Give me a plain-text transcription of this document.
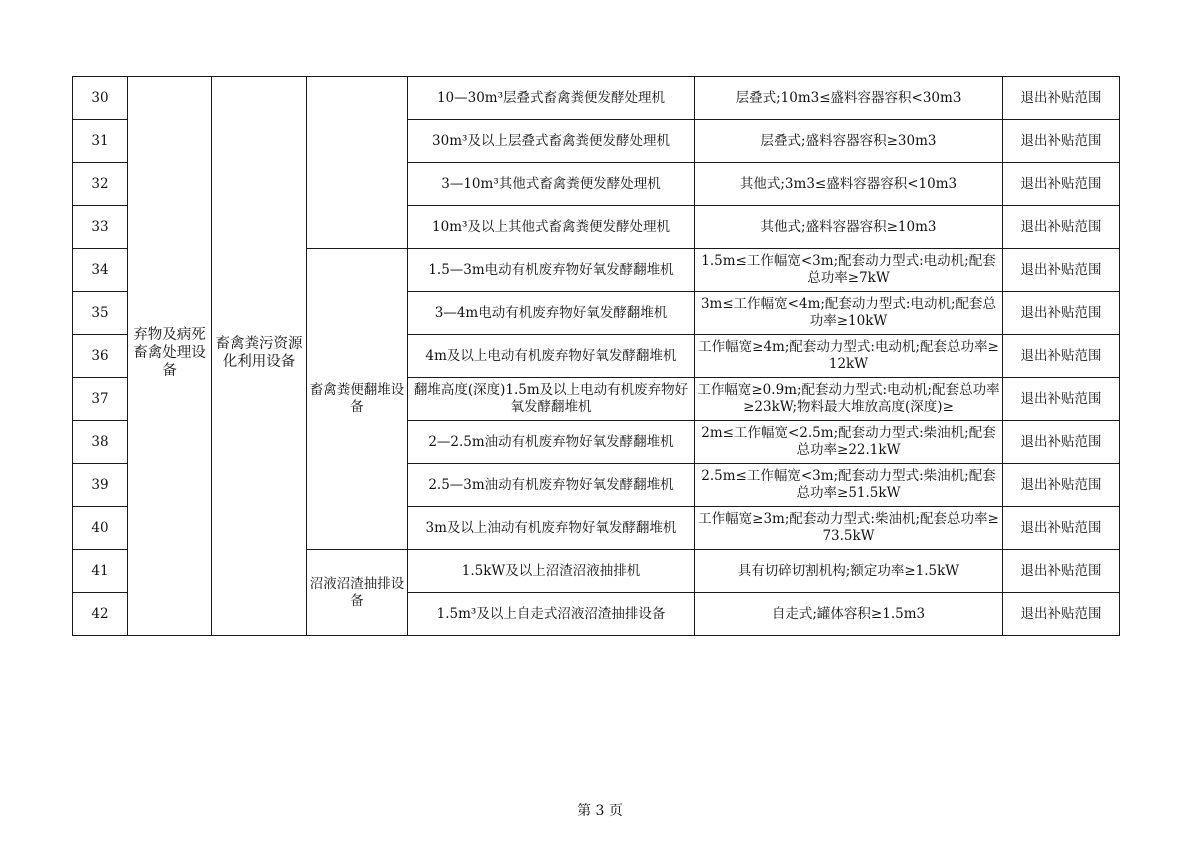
30	弃物及病死畜禽处理设备	畜禽粪污资源化利用设备		10—30m³层叠式畜禽粪便发酵处理机	层叠式;10m3≤盛料容器容积<30m3	退出补贴范围
31				30m³及以上层叠式畜禽粪便发酵处理机	层叠式;盛料容器容积≥30m3	退出补贴范围
32				3—10m³其他式畜禽粪便发酵处理机	其他式;3m3≤盛料容器容积<10m3	退出补贴范围
33				10m³及以上其他式畜禽粪便发酵处理机	其他式;盛料容器容积≥10m3	退出补贴范围
34			畜禽粪便翻堆设备	1.5—3m电动有机废弃物好氧发酵翻堆机	1.5m≤工作幅宽<3m;配套动力型式:电动机;配套总功率≥7kW	退出补贴范围
35				3—4m电动有机废弃物好氧发酵翻堆机	3m≤工作幅宽<4m;配套动力型式:电动机;配套总功率≥10kW	退出补贴范围
36				4m及以上电动有机废弃物好氧发酵翻堆机	工作幅宽≥4m;配套动力型式:电动机;配套总功率≥12kW	退出补贴范围
37				翻堆高度(深度)1.5m及以上电动有机废弃物好氧发酵翻堆机	工作幅宽≥0.9m;配套动力型式:电动机;配套总功率≥23kW;物料最大堆放高度(深度)≥	退出补贴范围
38				2—2.5m油动有机废弃物好氧发酵翻堆机	2m≤工作幅宽<2.5m;配套动力型式:柴油机;配套总功率≥22.1kW	退出补贴范围
39				2.5—3m油动有机废弃物好氧发酵翻堆机	2.5m≤工作幅宽<3m;配套动力型式:柴油机;配套总功率≥51.5kW	退出补贴范围
40				3m及以上油动有机废弃物好氧发酵翻堆机	工作幅宽≥3m;配套动力型式:柴油机;配套总功率≥73.5kW	退出补贴范围
41			沼液沼渣抽排设备	1.5kW及以上沼渣沼液抽排机	具有切碎切割机构;额定功率≥1.5kW	退出补贴范围
42				1.5m³及以上自走式沼液沼渣抽排设备	自走式;罐体容积≥1.5m3	退出补贴范围
第 3 页
